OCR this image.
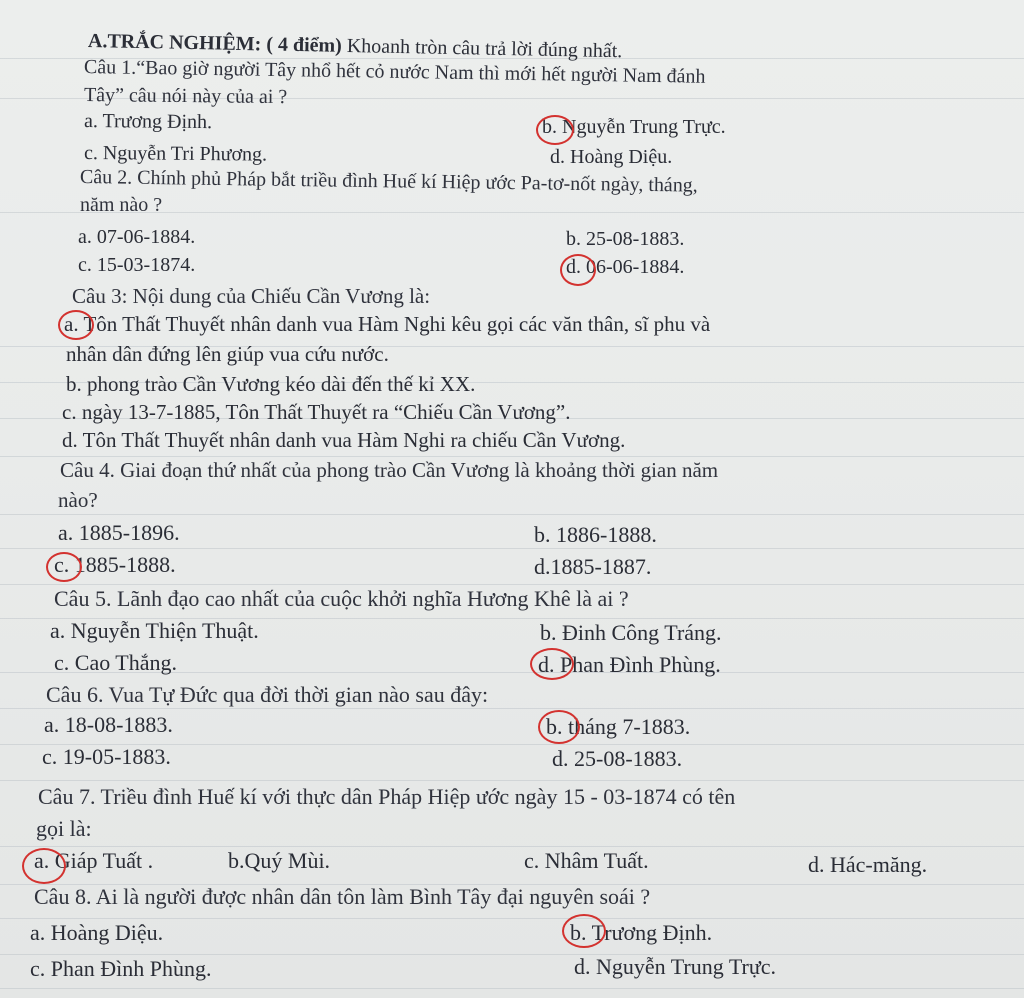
A.TRẮC NGHIỆM: ( 4 điểm) Khoanh tròn câu trả lời đúng nhất.
Câu 1.“Bao giờ người Tây nhổ hết cỏ nước Nam thì mới hết người Nam đánh
Tây” câu nói này của ai ?
a. Trương Định.	b. Nguyễn Trung Trực.
c. Nguyễn Tri Phương.	d. Hoàng Diệu.
Câu 2. Chính phủ Pháp bắt triều đình Huế kí Hiệp ước Pa-tơ-nốt ngày, tháng,
năm nào ?
a. 07-06-1884.	b. 25-08-1883.
c. 15-03-1874.	d. 06-06-1884.
Câu 3: Nội dung của Chiếu Cần Vương là:
a. Tôn Thất Thuyết nhân danh vua Hàm Nghi kêu gọi các văn thân, sĩ phu và
nhân dân đứng lên giúp vua cứu nước.
b. phong trào Cần Vương kéo dài đến thế kỉ XX.
c. ngày 13-7-1885, Tôn Thất Thuyết ra “Chiếu Cần Vương”.
d. Tôn Thất Thuyết nhân danh vua Hàm Nghi ra chiếu Cần Vương.
Câu 4. Giai đoạn thứ nhất của phong trào Cần Vương là khoảng thời gian năm
nào?
a. 1885-1896.	b. 1886-1888.
c. 1885-1888.	d.1885-1887.
Câu 5. Lãnh đạo cao nhất của cuộc khởi nghĩa Hương Khê là ai ?
a. Nguyễn Thiện Thuật.	b. Đinh Công Tráng.
c. Cao Thắng.	d. Phan Đình Phùng.
Câu 6. Vua Tự Đức qua đời thời gian nào sau đây:
a. 18-08-1883.	b. tháng 7-1883.
c. 19-05-1883.	d. 25-08-1883.
Câu 7. Triều đình Huế kí với thực dân Pháp Hiệp ước ngày 15 - 03-1874 có tên
gọi là:
a. Giáp Tuất .	b.Quý Mùi.	c. Nhâm Tuất.	d. Hác-măng.
Câu 8. Ai là người được nhân dân tôn làm Bình Tây đại nguyên soái ?
a. Hoàng Diệu.	b. Trương Định.
c. Phan Đình Phùng.	d. Nguyễn Trung Trực.
